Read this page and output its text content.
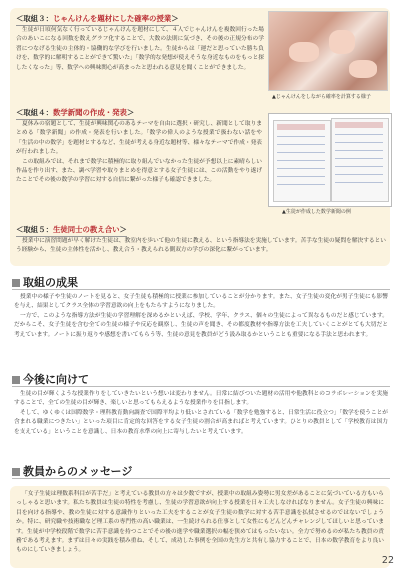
＜取組３：じゃんけんを題材にした確率の授業＞

生徒が日頃何気なく行っているじゃんけんを題材にして、４人でじゃんけんを複数回行った場合のあいこになる回数を数えグラフ化することで、大数の法則に気づき、その後の正規分布の学習につなげる生徒の主体的・協働的な学びを行いました。生徒からは「運だと思っていた勝ち負けを、数学的に解明することができて驚いた」「数学的な発想が使えそうな身近なものをもっと探したくなった」等、数学への興味関心が高まったと思われる意見を聞くことができました。

▲じゃんけんをしながら確率を計算する様子
＜取組４：数学新聞の作成・発表＞

夏休みの宿題として、生徒が興味関心のあるテーマを自由に選択・研究し、新聞として取りまとめる「数学新聞」の作成・発表を行いました。「数学の偉人のような授業で扱わない話をや「生活の中の数学」を題材とするなど、生徒が考える身近な題材等、様々なテーマで作成・発表が行われました。

この取組みでは、それまで数学に積極的に取り組んでいなかった生徒が予想以上に素晴らしい作品を作り出す、また、調べ学習や取りまとめを得意とする女子生徒には、この活動をやり遂げたことでその後の数学の学習に対する自信に繋がった様子も確認できました。

▲生徒が作成した数学新聞の例
＜取組５：生徒同士の教え合い＞

授業中に演習問題が早く解けた生徒は、教室内を歩いて他の生徒に教える、という指導法を実施しています。苦手な生徒の疑問を解決するという経験から、生徒の主体性を活かし、教え合う・教えられる側双方の学びの深化に繋がっています。

取組の成果

授業中の様子や生徒のノートを見ると、女子生徒も積極的に授業に参加していることが分かります。また、女子生徒の変化が男子生徒にも影響を与え、結果としてクラス全体の学習意欲の向上をもたらすようになりました。

一方で、このような指導方法が生徒の学習理解を深めるかといえば、学校、学年、クラス、個々の生徒によって異なるものだと感じています。だからこそ、女子生徒を含む全ての生徒の様子や反応を観察し、生徒の声を聞き、その都度教材や指導方法を工夫していくことがとても大切だと考えています。ノートに振り返りや感想を書いてもらう等、生徒の意見を教員がどう汲み取るかということも重要になる手法と思われます。

今後に向けて

生徒の目が輝くような授業作りをしていきたいという想いは変わりません。日常に結びついた題材の活用や他教科とのコラボレーションを実施することで、全ての生徒の目が輝き、楽しいと思ってもらえるような授業作りを目指します。

そして、ゆくゆくは国際数学・理科教育動向調査で国際平均より低いとされている「数学を勉強すると、日常生活に役立つ」「数学を使うことが含まれる職業につきたい」といった項目に肯定的な回答をする女子生徒の割合が高まればと考えています。ひとりの教員として「学校教育は国力を支えている」ということを意識し、日本の教育水準の向上に寄与したいと考えています。

教員からのメッセージ

「女子生徒は理数系科目が苦手だ」と考えている教員の方々は少数ですが、授業中の取組み姿勢に男女差があることに気づいている方もいらっしゃると思います。私たち教員は生徒の特性を考慮し、生徒の学習意欲が向上する授業を日々工夫しなければなりません。女子生徒の興味に目を向ける指導や、教の生徒に対する意識作りといった工夫をすることが女子生徒の数学に対する苦手意識を払拭させるのではないでしょうか。特に、研究職や技術職など理工系の専門性の高い職業は、一生続けられる仕事として女性にもどんどんチャレンジしてほしいと思っています。生徒が中学校段階で数学に苦手意識を持つことでその後の進学や職業選択の幅を狭めてはもったいない。全力で努めるのが私たち教員の責務である考えます。まずは日々の実践を積み重ね、そして、成功した事例を全国の先生方と共有し協力することで、日本の数学教育をより良いものにしていきましょう。

22
